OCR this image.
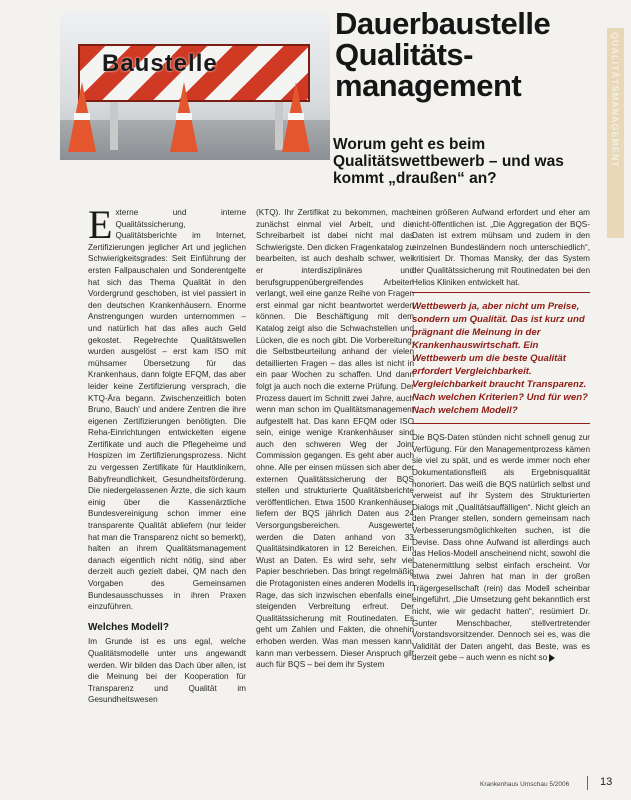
Baustelle
Dauerbaustelle
Qualitäts-
management
Worum geht es beim Qualitätswettbewerb – und was kommt „draußen“ an?
QUALITÄTSMANAGEMENT

Externe und interne Qualitätssicherung, Qualitätsberichte im Internet, Zertifizierungen jeglicher Art und jeglichen Schwierigkeitsgrades: Seit Einführung der ersten Fallpauschalen und Sonderentgelte hat sich das Thema Qualität in den Vordergrund geschoben, ist viel passiert in den deutschen Krankenhäusern. Enorme Anstrengungen wurden unternommen – und natürlich hat das alles auch Geld gekostet. Regelrechte Qualitätswellen wurden ausgelöst – erst kam ISO mit mühsamer Übersetzung für das Krankenhaus, dann folgte EFQM, das aber leider keine Zertifizierung versprach, die KTQ-Ära begann. Zwischenzeitlich boten Bruno, Bauch' und andere Zentren die ihre eigenen Zertifizierungen benötigten. Die Reha-Einrichtungen entwickelten eigene Zertifikate und auch die Pflegeheime und Hospizen im Zertifizierungsprozess. Nicht zu vergessen Zertifikate für Hautklinikern, Babyfreundlichkeit, Gesundheitsförderung. Die niedergelassenen Ärzte, die sich kaum einig über die Kassenärztliche Bundesvereinigung schon immer eine transparente Qualität abliefern (nur leider hat man die Transparenz nicht so bemerkt), halten an ihrem Qualitätsmanagement danach eigentlich nicht nötig, sind aber derzeit auch gezielt dabei, QM nach den Vorgaben des Gemeinsamen Bundesausschusses in ihren Praxen einzuführen.

Welches Modell?

Im Grunde ist es uns egal, welche Qualitätsmodelle unter uns angewandt werden. Wir bilden das Dach über allen, ist die Meinung bei der Kooperation für Transparenz und Qualität im Gesundheitswesen

(KTQ). Ihr Zertifikat zu bekommen, macht zunächst einmal viel Arbeit, und die Schreibarbeit ist dabei nicht mal das Schwierigste. Den dicken Fragenkatalog zu bearbeiten, ist auch deshalb schwer, weil er interdisziplinäres und berufsgruppenübergreifendes Arbeiten verlangt, weil eine ganze Reihe von Fragen erst einmal gar nicht beantwortet werden können. Die Beschäftigung mit dem Katalog zeigt also die Schwachstellen und Lücken, die es noch gibt. Die Vorbereitung, die Selbstbeurteilung anhand der vielen detaillierten Fragen – das alles ist nicht in ein paar Wochen zu schaffen. Und dann folgt ja auch noch die externe Prüfung. Der Prozess dauert im Schnitt zwei Jahre, auch wenn man schon im Qualitätsmanagement aufgestellt hat. Das kann EFQM oder ISO sein, einige wenige Krankenhäuser sind auch den schweren Weg der Joint Commission gegangen. Es geht aber auch ohne. Alle per einsen müssen sich aber der externen Qualitätssicherung der BQS stellen und strukturierte Qualitätsberichte veröffentlichen. Etwa 1500 Krankenhäuser liefern der BQS jährlich Daten aus 24 Versorgungsbereichen. Ausgewertet werden die Daten anhand von 33 Qualitätsindikatoren in 12 Bereichen. Ein Wust an Daten. Es wird sehr, sehr viel Papier beschrieben. Das bringt regelmäßig die Protagonisten eines anderen Modells in Rage, das sich inzwischen ebenfalls einer steigenden Verbreitung erfreut. Der Qualitätssicherung mit Routinedaten. Es geht um Zahlen und Fakten, die ohnehin erhoben werden. Was man messen kann, kann man verbessern. Dieser Anspruch gilt auch für BQS – bei dem ihr System

einen größeren Aufwand erfordert und eher am nicht-öffentlichen ist. „Die Aggregation der BQS-Daten ist extrem mühsam und zudem in den einzelnen Bundesländern noch unterschiedlich“, kritisiert Dr. Thomas Mansky, der das System der Qualitätssicherung mit Routinedaten bei den Helios Kliniken entwickelt hat.

Wettbewerb ja, aber nicht um Preise, sondern um Qualität. Das ist kurz und prägnant die Meinung in der Krankenhauswirtschaft. Ein Wettbewerb um die beste Qualität erfordert Vergleichbarkeit. Vergleichbarkeit braucht Transparenz. Nach welchen Kriterien? Und für wen? Nach welchem Modell?

Die BQS-Daten stünden nicht schnell genug zur Verfügung. Für den Managementprozess kämen sie viel zu spät, und es werde immer noch eher Dokumentationsfleiß als Ergebnisqualität honoriert. Das weiß die BQS natürlich selbst und verweist auf ihr System des Strukturierten Dialogs mit „Qualitätsauffälligen“. Nicht gleich an den Pranger stellen, sondern gemeinsam nach Verbesserungsmöglichkeiten suchen, ist die Devise. Dass ohne Aufwand ist allerdings auch das Helios-Modell anscheinend nicht, sowohl die Datenermittlung selbst einfach erscheint. Vor etwa zwei Jahren hat man in der großen Trägergesellschaft (rein) das Modell scheinbar eingeführt. „Die Umsetzung geht bekanntlich erst nicht, wie wir gedacht hatten“, resümiert Dr. Gunter Menschbacher, stellvertretender Vorstandsvorsitzender. Dennoch sei es, was die Validität der Daten angeht, das Beste, was es derzeit gebe – auch wenn es nicht so

Krankenhaus Umschau 5/2006	13
